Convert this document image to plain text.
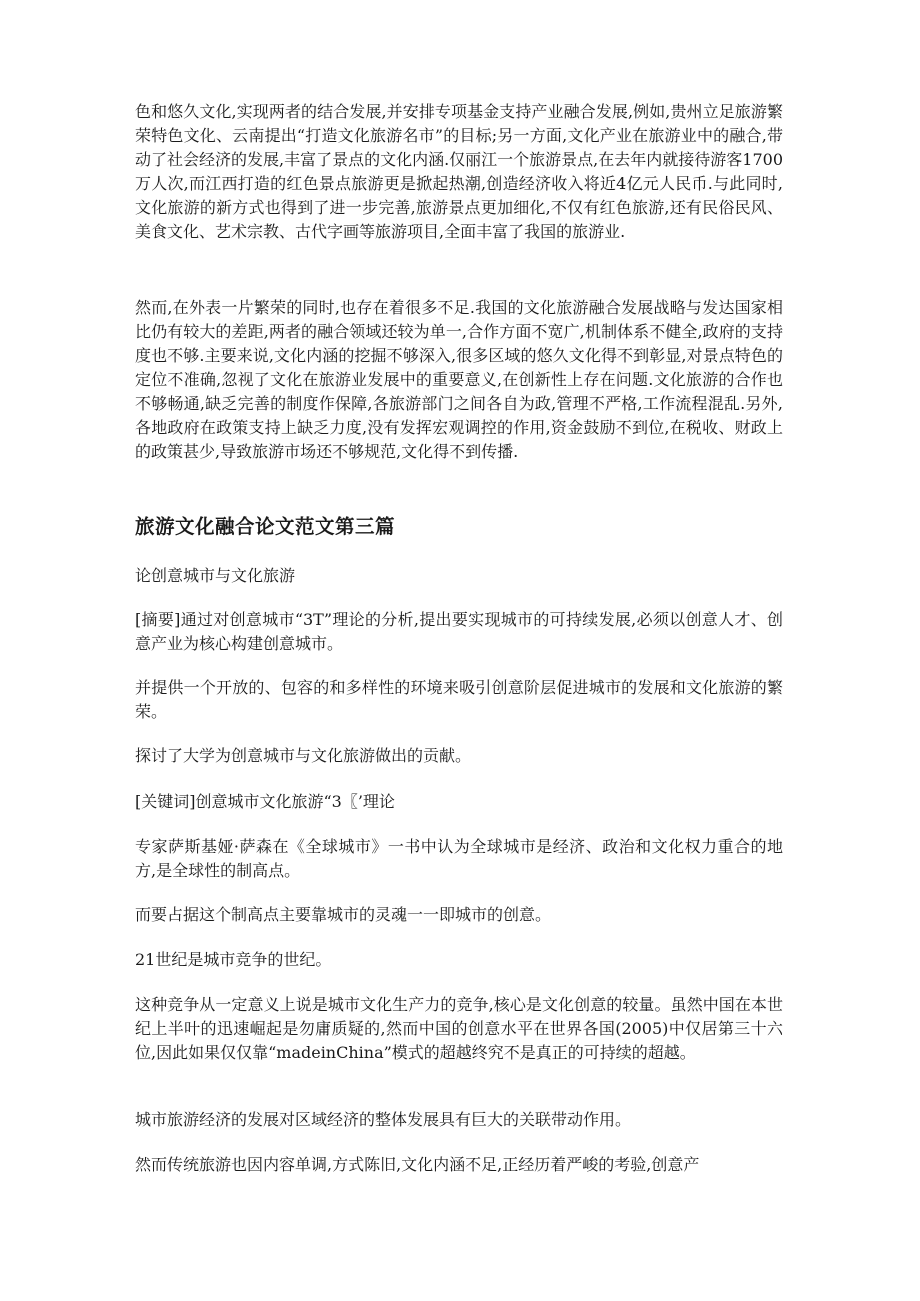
色和悠久文化,实现两者的结合发展,并安排专项基金支持产业融合发展,例如,贵州立足旅游繁荣特色文化、云南提出“打造文化旅游名市”的目标;另一方面,文化产业在旅游业中的融合,带动了社会经济的发展,丰富了景点的文化内涵.仅丽江一个旅游景点,在去年内就接待游客1700万人次,而江西打造的红色景点旅游更是掀起热潮,创造经济收入将近4亿元人民币.与此同时,文化旅游的新方式也得到了进一步完善,旅游景点更加细化,不仅有红色旅游,还有民俗民风、美食文化、艺术宗教、古代字画等旅游项目,全面丰富了我国的旅游业.

然而,在外表一片繁荣的同时,也存在着很多不足.我国的文化旅游融合发展战略与发达国家相比仍有较大的差距,两者的融合领域还较为单一,合作方面不宽广,机制体系不健全,政府的支持度也不够.主要来说,文化内涵的挖掘不够深入,很多区域的悠久文化得不到彰显,对景点特色的定位不准确,忽视了文化在旅游业发展中的重要意义,在创新性上存在问题.文化旅游的合作也不够畅通,缺乏完善的制度作保障,各旅游部门之间各自为政,管理不严格,工作流程混乱.另外,各地政府在政策支持上缺乏力度,没有发挥宏观调控的作用,资金鼓励不到位,在税收、财政上的政策甚少,导致旅游市场还不够规范,文化得不到传播.

旅游文化融合论文范文第三篇

论创意城市与文化旅游

[摘要]通过对创意城市“3T”理论的分析,提出要实现城市的可持续发展,必须以创意人才、创意产业为核心构建创意城市。

并提供一个开放的、包容的和多样性的环境来吸引创意阶层促进城市的发展和文化旅游的繁荣。

探讨了大学为创意城市与文化旅游做出的贡献。

[关键词]创意城市文化旅游“3〖’理论

专家萨斯基娅·萨森在《全球城市》一书中认为全球城市是经济、政治和文化权力重合的地方,是全球性的制高点。

而要占据这个制高点主要靠城市的灵魂一一即城市的创意。

21世纪是城市竞争的世纪。

这种竞争从一定意义上说是城市文化生产力的竞争,核心是文化创意的较量。虽然中国在本世纪上半叶的迅速崛起是勿庸质疑的,然而中国的创意水平在世界各国(2005)中仅居第三十六位,因此如果仅仅靠“madeinChina”模式的超越终究不是真正的可持续的超越。

城市旅游经济的发展对区域经济的整体发展具有巨大的关联带动作用。

然而传统旅游也因内容单调,方式陈旧,文化内涵不足,正经历着严峻的考验,创意产
